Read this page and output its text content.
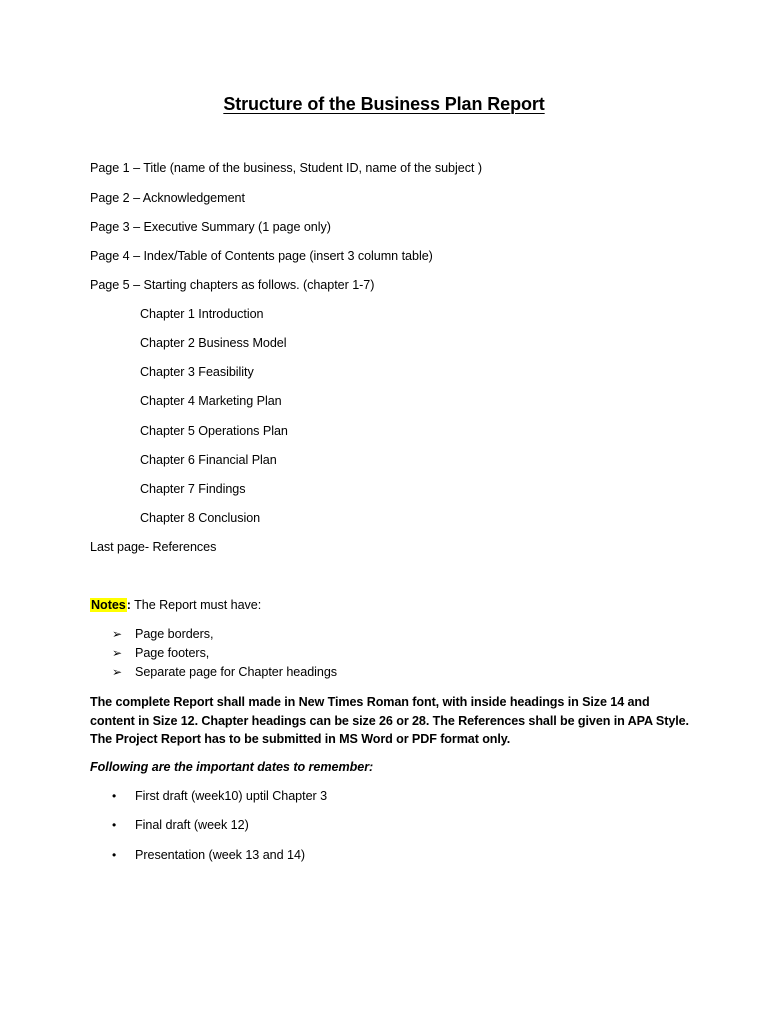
Structure of the Business Plan Report
Page 1 – Title (name of the business, Student ID, name of the subject )
Page 2 – Acknowledgement
Page 3 – Executive Summary (1 page only)
Page 4 – Index/Table of Contents page (insert 3 column table)
Page 5 – Starting chapters as follows. (chapter 1-7)
Chapter 1 Introduction
Chapter 2 Business Model
Chapter 3 Feasibility
Chapter 4 Marketing Plan
Chapter 5 Operations Plan
Chapter 6 Financial Plan
Chapter 7 Findings
Chapter 8 Conclusion
Last page- References
Notes: The Report must have:
➢ Page borders,
➢ Page footers,
➢ Separate page for Chapter headings
The complete Report shall made in New Times Roman font, with inside headings in Size 14 and
content in Size 12. Chapter headings can be size 26 or 28. The References shall be given in APA Style.
The Project Report has to be submitted in MS Word or PDF format only.
Following are the important dates to remember:
• First draft (week10) uptil Chapter 3
• Final draft (week 12)
• Presentation (week 13 and 14)
